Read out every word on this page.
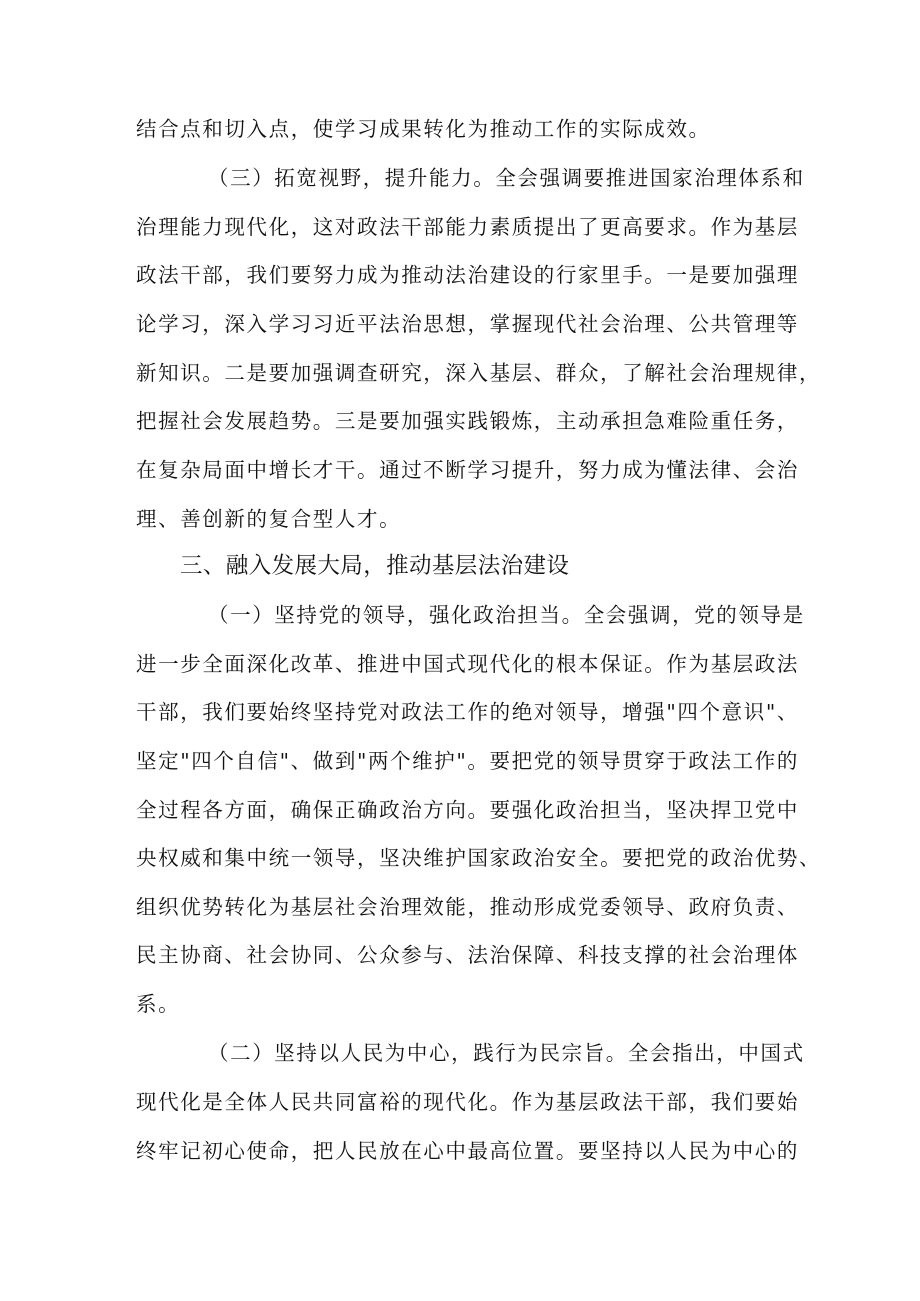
结合点和切入点，使学习成果转化为推动工作的实际成效。
（三）拓宽视野，提升能力。全会强调要推进国家治理体系和
治理能力现代化，这对政法干部能力素质提出了更高要求。作为基层
政法干部，我们要努力成为推动法治建设的行家里手。一是要加强理
论学习，深入学习习近平法治思想，掌握现代社会治理、公共管理等
新知识。二是要加强调查研究，深入基层、群众，了解社会治理规律，
把握社会发展趋势。三是要加强实践锻炼，主动承担急难险重任务，
在复杂局面中增长才干。通过不断学习提升，努力成为懂法律、会治
理、善创新的复合型人才。
三、融入发展大局，推动基层法治建设
（一）坚持党的领导，强化政治担当。全会强调，党的领导是
进一步全面深化改革、推进中国式现代化的根本保证。作为基层政法
干部，我们要始终坚持党对政法工作的绝对领导，增强"四个意识"、
坚定"四个自信"、做到"两个维护"。要把党的领导贯穿于政法工作的
全过程各方面，确保正确政治方向。要强化政治担当，坚决捍卫党中
央权威和集中统一领导，坚决维护国家政治安全。要把党的政治优势、
组织优势转化为基层社会治理效能，推动形成党委领导、政府负责、
民主协商、社会协同、公众参与、法治保障、科技支撑的社会治理体
系。
（二）坚持以人民为中心，践行为民宗旨。全会指出，中国式
现代化是全体人民共同富裕的现代化。作为基层政法干部，我们要始
终牢记初心使命，把人民放在心中最高位置。要坚持以人民为中心的
